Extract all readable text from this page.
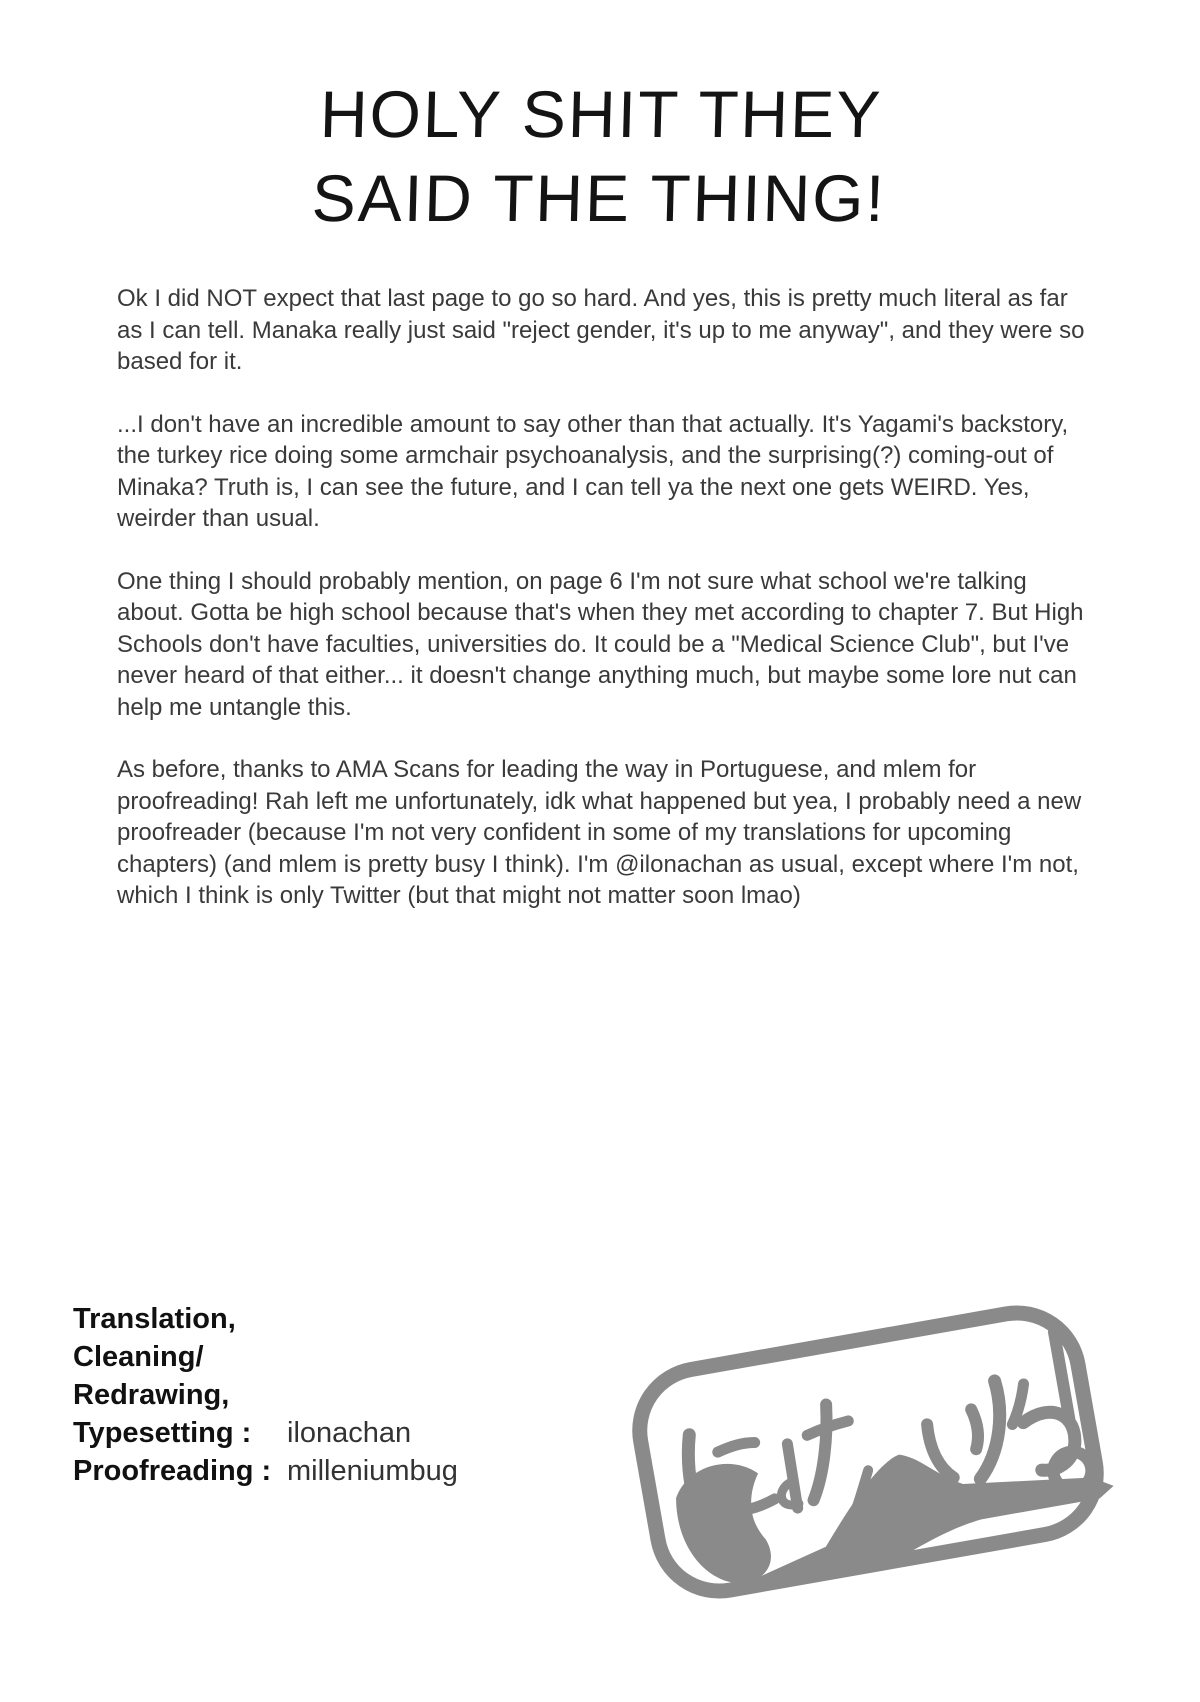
HOLY SHIT THEY
SAID THE THING!

Ok I did NOT expect that last page to go so hard. And yes, this is pretty much literal as far as I can tell. Manaka really just said "reject gender, it's up to me anyway", and they were so based for it.

...I don't have an incredible amount to say other than that actually. It's Yagami's backstory, the turkey rice doing some armchair psychoanalysis, and the surprising(?) coming-out of Minaka? Truth is, I can see the future, and I can tell ya the next one gets WEIRD. Yes, weirder than usual.

One thing I should probably mention, on page 6 I'm not sure what school we're talking about. Gotta be high school because that's when they met according to chapter 7. But High Schools don't have faculties, universities do. It could be a "Medical Science Club", but I've never heard of that either... it doesn't change anything much, but maybe some lore nut can help me untangle this.

As before, thanks to AMA Scans for leading the way in Portuguese, and mlem for proofreading! Rah left me unfortunately, idk what happened but yea, I probably need a new proofreader (because I'm not very confident in some of my translations for upcoming chapters) (and mlem is pretty busy I think). I'm @ilonachan as usual, except where I'm not, which I think is only Twitter (but that might not matter soon lmao)

Translation,
Cleaning/
Redrawing,
Typesetting :	ilonachan
Proofreading : milleniumbug
